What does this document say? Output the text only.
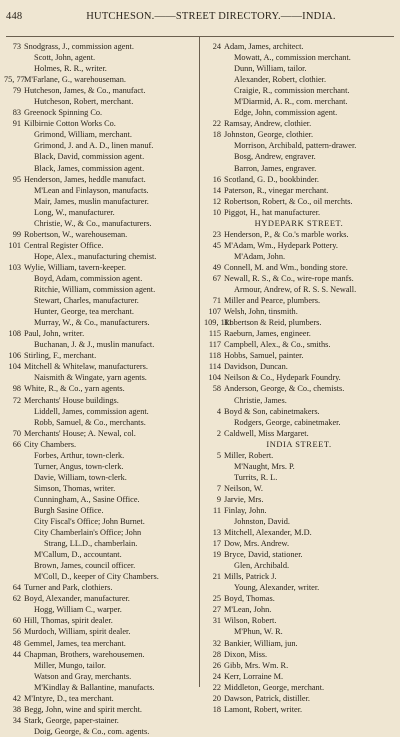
448	HUTCHESON.——STREET DIRECTORY.——INDIA.
73 Snodgrass, J., commission agent.
Scott, John, agent.
Holmes, R. R., writer.
75, 77 M'Farlane, G., warehouseman.
79 Hutcheson, James, & Co., manufact.
Hutcheson, Robert, merchant.
83 Greenock Spinning Co.
91 Kilbirnie Cotton Works Co.
Grimond, William, merchant.
Grimond, J. and A. D., linen manuf.
Black, David, commission agent.
Black, James, commission agent.
95 Henderson, James, heddle manufact.
M'Lean and Finlayson, manufacts.
Mair, James, muslin manufacturer.
Long, W., manufacturer.
Christie, W., & Co., manufacturers.
99 Robertson, W., warehouseman.
101 Central Register Office.
Hope, Alex., manufacturing chemist.
103 Wylie, William, tavern-keeper.
Boyd, Adam, commission agent.
Ritchie, William, commission agent.
Stewart, Charles, manufacturer.
Hunter, George, tea merchant.
Murray, W., & Co., manufacturers.
108 Paul, John, writer.
Buchanan, J. & J., muslin manufact.
106 Stirling, F., merchant.
104 Mitchell & Whitelaw, manufacturers.
Naismith & Wingate, yarn agents.
98 White, R., & Co., yarn agents.
72 Merchants' House buildings.
Liddell, James, commission agent.
Robb, Samuel, & Co., merchants.
70 Merchants' House; A. Newal, col.
66 City Chambers.
Forbes, Arthur, town-clerk.
Turner, Angus, town-clerk.
Davie, William, town-clerk.
Simson, Thomas, writer.
Cunningham, A., Sasine Office.
Burgh Sasine Office.
City Fiscal's Office; John Burnet.
City Chamberlain's Office; John
Strang, LL.D., chamberlain.
M'Callum, D., accountant.
Brown, James, council officer.
M'Coll, D., keeper of City Chambers.
64 Turner and Park, clothiers.
62 Boyd, Alexander, manufacturer.
Hogg, William C., warper.
60 Hill, Thomas, spirit dealer.
56 Murdoch, William, spirit dealer.
48 Gemmel, James, tea merchant.
44 Chapman, Brothers, warehousemen.
Miller, Mungo, tailor.
Watson and Gray, merchants.
M'Kindlay & Ballantine, manufacts.
42 M'Intyre, D., tea merchant.
38 Begg, John, wine and spirit mercht.
34 Stark, George, paper-stainer.
Doig, George, & Co., com. agents.
24 Adam, James, architect.
Mowatt, A., commission merchant.
Dunn, William, tailor.
Alexander, Robert, clothier.
Craigie, R., commission merchant.
M'Diarmid, A. R., com. merchant.
Edge, John, commission agent.
22 Ramsay, Andrew, clothier.
18 Johnston, George, clothier.
Morrison, Archibald, pattern-drawer.
Bosg, Andrew, engraver.
Barron, James, engraver.
16 Scotland, G. D., bookbinder.
14 Paterson, R., vinegar merchant.
12 Robertson, Robert, & Co., oil merchts.
10 Piggot, H., hat manufacturer.
HYDEPARK STREET.
23 Henderson, P., & Co.'s marble works.
45 M'Adam, Wm., Hydepark Pottery.
M'Adam, John.
49 Connell, M. and Wm., bonding store.
67 Newall, R. S., & Co., wire-rope manfs.
Armour, Andrew, of R. S. S. Newall.
71 Miller and Pearce, plumbers.
107 Welsh, John, tinsmith.
109, 111
Robertson & Reid, plumbers.
115 Raeburn, James, engineer.
117 Campbell, Alex., & Co., smiths.
118 Hobbs, Samuel, painter.
114 Davidson, Duncan.
104 Neilson & Co., Hydepark Foundry.
58 Anderson, George, & Co., chemists.
Christie, James.
4 Boyd & Son, cabinetmakers.
Rodgers, George, cabinetmaker.
2 Caldwell, Miss Margaret.
INDIA STREET.
5 Miller, Robert.
M'Naught, Mrs. P.
Turrits, R. L.
7 Neilson, W.
9 Jarvie, Mrs.
11 Finlay, John.
Johnston, David.
13 Mitchell, Alexander, M.D.
17 Dow, Mrs. Andrew.
19 Bryce, David, stationer.
Glen, Archibald.
21 Mills, Patrick J.
Young, Alexander, writer.
25 Boyd, Thomas.
27 M'Lean, John.
31 Wilson, Robert.
M'Phun, W. R.
32 Bankier, William, jun.
28 Dixon, Miss.
26 Gibb, Mrs. Wm. R.
24 Kerr, Lorraine M.
22 Middleton, George, merchant.
20 Dawson, Patrick, distiller.
18 Lamont, Robert, writer.
